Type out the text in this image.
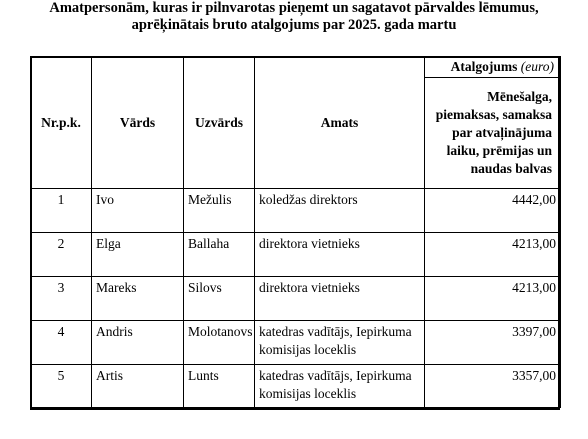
Amatpersonām, kuras ir pilnvarotas pieņemt un sagatavot pārvaldes lēmumus,
aprēķinātais bruto atalgojums par 2025. gada martu
Nr.p.k.	Vārds	Uzvārds	Amats	Atalgojums (euro)
				Mēnešalga, piemaksas, samaksa par atvaļinājuma laiku, prēmijas un naudas balvas
1	Ivo	Mežulis	koledžas direktors	4442,00
2	Elga	Ballaha	direktora vietnieks	4213,00
3	Mareks	Silovs	direktora vietnieks	4213,00
4	Andris	Molotanovs	katedras vadītājs, Iepirkuma komisijas loceklis	3397,00
5	Artis	Lunts	katedras vadītājs, Iepirkuma komisijas loceklis	3357,00
